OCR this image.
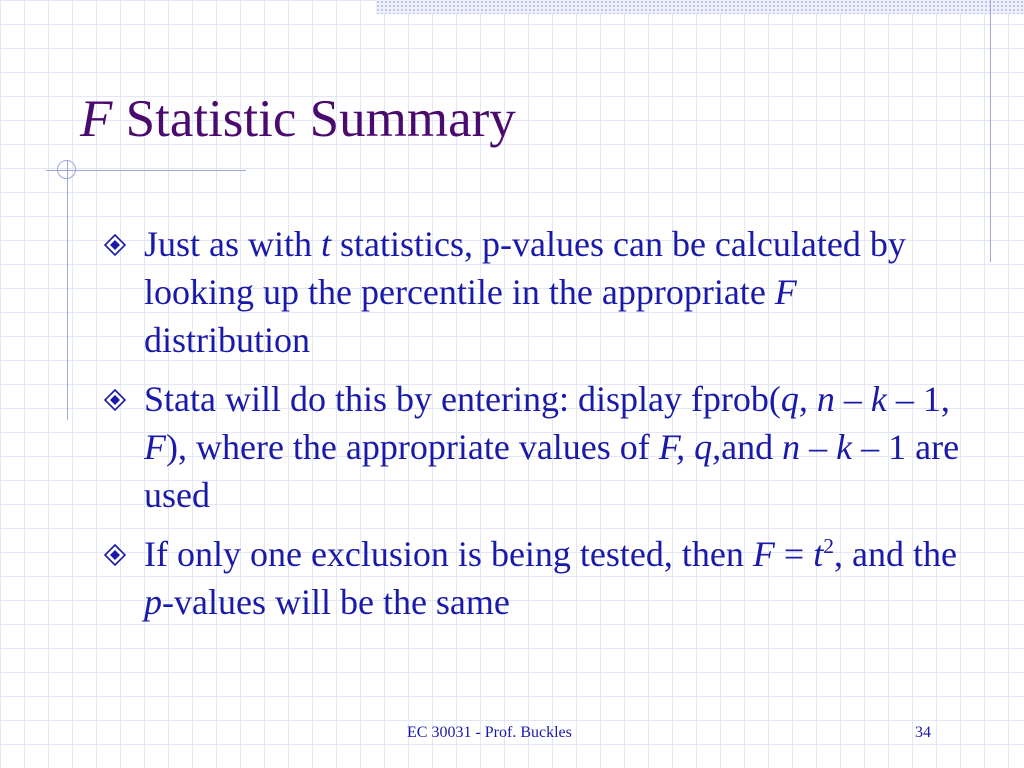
F Statistic Summary
Just as with t statistics, p-values can be calculated by looking up the percentile in the appropriate F distribution
Stata will do this by entering: display fprob(q, n – k – 1, F), where the appropriate values of F, q,and n – k – 1 are used
If only one exclusion is being tested, then $F = t^2$, and the p-values will be the same
EC 30031 - Prof. Buckles	34
